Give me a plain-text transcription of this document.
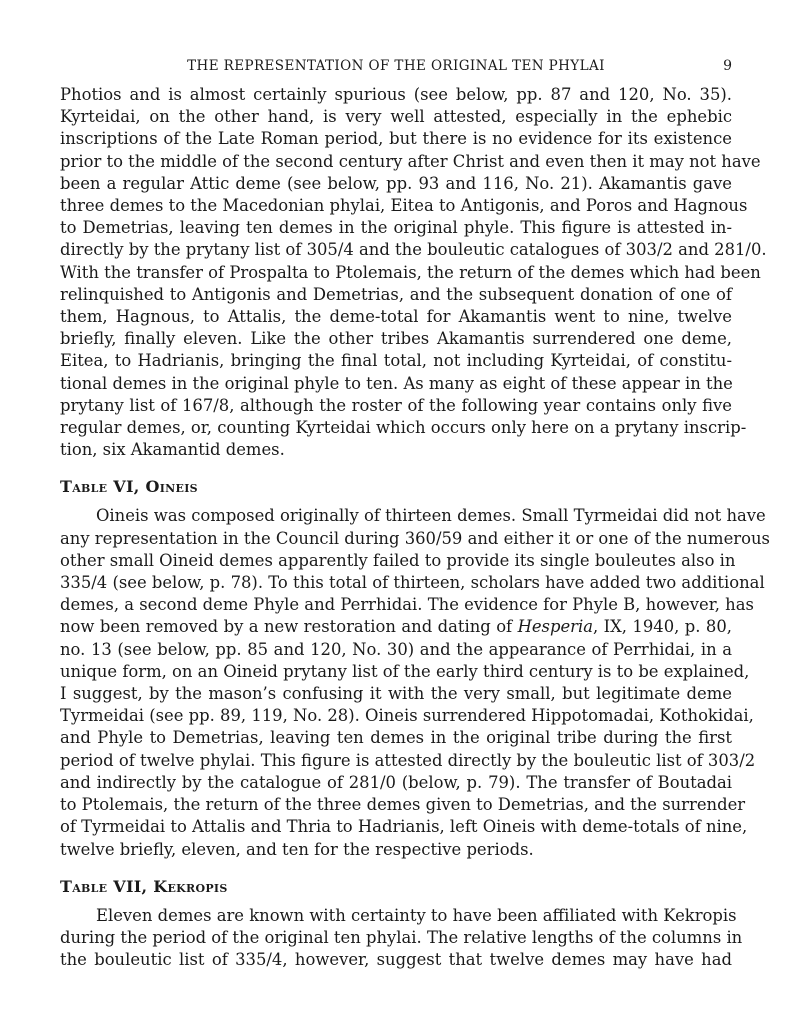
THE REPRESENTATION OF THE ORIGINAL TEN PHYLAI	9

Photios and is almost certainly spurious (see below, pp. 87 and 120, No. 35).
Kyrteidai, on the other hand, is very well attested, especially in the ephebic
inscriptions of the Late Roman period, but there is no evidence for its existence
prior to the middle of the second century after Christ and even then it may not have
been a regular Attic deme (see below, pp. 93 and 116, No. 21). Akamantis gave
three demes to the Macedonian phylai, Eitea to Antigonis, and Poros and Hagnous
to Demetrias, leaving ten demes in the original phyle. This figure is attested in-
directly by the prytany list of 305/4 and the bouleutic catalogues of 303/2 and 281/0.
With the transfer of Prospalta to Ptolemais, the return of the demes which had been
relinquished to Antigonis and Demetrias, and the subsequent donation of one of
them, Hagnous, to Attalis, the deme-total for Akamantis went to nine, twelve
briefly, finally eleven. Like the other tribes Akamantis surrendered one deme,
Eitea, to Hadrianis, bringing the final total, not including Kyrteidai, of constitu-
tional demes in the original phyle to ten. As many as eight of these appear in the
prytany list of 167/8, although the roster of the following year contains only five
regular demes, or, counting Kyrteidai which occurs only here on a prytany inscrip-
tion, six Akamantid demes.

Table VI, Oineis

Oineis was composed originally of thirteen demes. Small Tyrmeidai did not have
any representation in the Council during 360/59 and either it or one of the numerous
other small Oineid demes apparently failed to provide its single bouleutes also in
335/4 (see below, p. 78). To this total of thirteen, scholars have added two additional
demes, a second deme Phyle and Perrhidai. The evidence for Phyle B, however, has
now been removed by a new restoration and dating of Hesperia, IX, 1940, p. 80,
no. 13 (see below, pp. 85 and 120, No. 30) and the appearance of Perrhidai, in a
unique form, on an Oineid prytany list of the early third century is to be explained,
I suggest, by the mason’s confusing it with the very small, but legitimate deme
Tyrmeidai (see pp. 89, 119, No. 28). Oineis surrendered Hippotomadai, Kothokidai,
and Phyle to Demetrias, leaving ten demes in the original tribe during the first
period of twelve phylai. This figure is attested directly by the bouleutic list of 303/2
and indirectly by the catalogue of 281/0 (below, p. 79). The transfer of Boutadai
to Ptolemais, the return of the three demes given to Demetrias, and the surrender
of Tyrmeidai to Attalis and Thria to Hadrianis, left Oineis with deme-totals of nine,
twelve briefly, eleven, and ten for the respective periods.

Table VII, Kekropis

Eleven demes are known with certainty to have been affiliated with Kekropis
during the period of the original ten phylai. The relative lengths of the columns in
the bouleutic list of 335/4, however, suggest that twelve demes may have had
